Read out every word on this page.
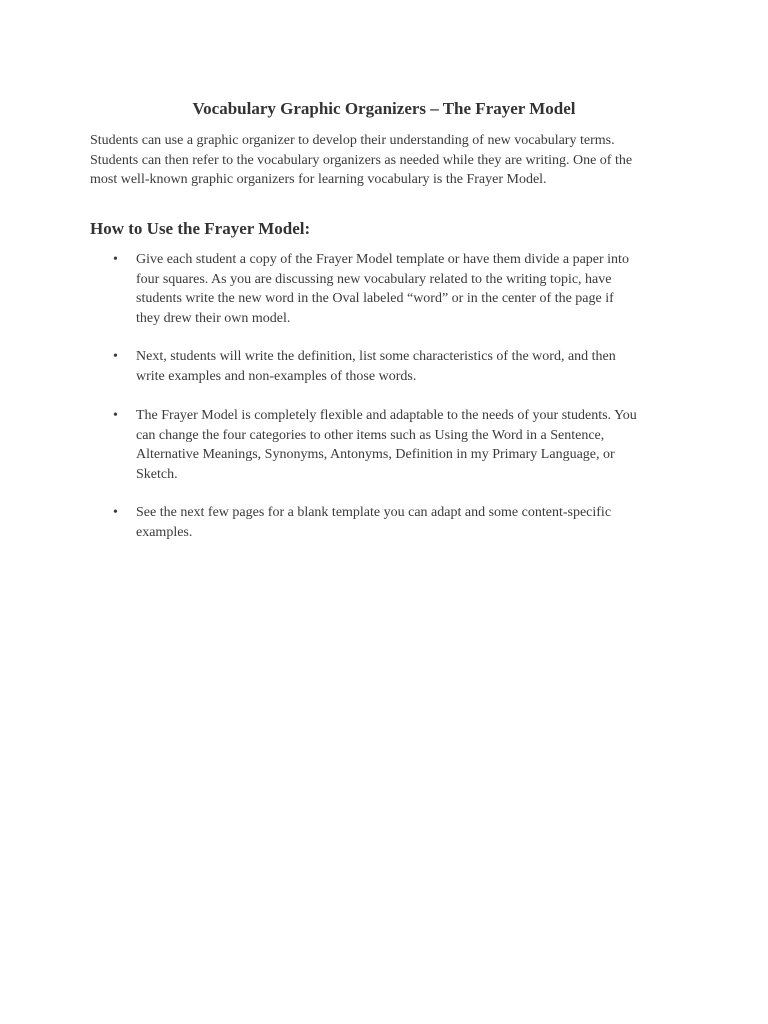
Vocabulary Graphic Organizers – The Frayer Model

Students can use a graphic organizer to develop their understanding of new vocabulary terms.
Students can then refer to the vocabulary organizers as needed while they are writing. One of the
most well-known graphic organizers for learning vocabulary is the Frayer Model.

How to Use the Frayer Model:
• Give each student a copy of the Frayer Model template or have them divide a paper into
four squares. As you are discussing new vocabulary related to the writing topic, have
students write the new word in the Oval labeled “word” or in the center of the page if
they drew their own model.
• Next, students will write the definition, list some characteristics of the word, and then
write examples and non-examples of those words.
• The Frayer Model is completely flexible and adaptable to the needs of your students. You
can change the four categories to other items such as Using the Word in a Sentence,
Alternative Meanings, Synonyms, Antonyms, Definition in my Primary Language, or
Sketch.
• See the next few pages for a blank template you can adapt and some content-specific
examples.
